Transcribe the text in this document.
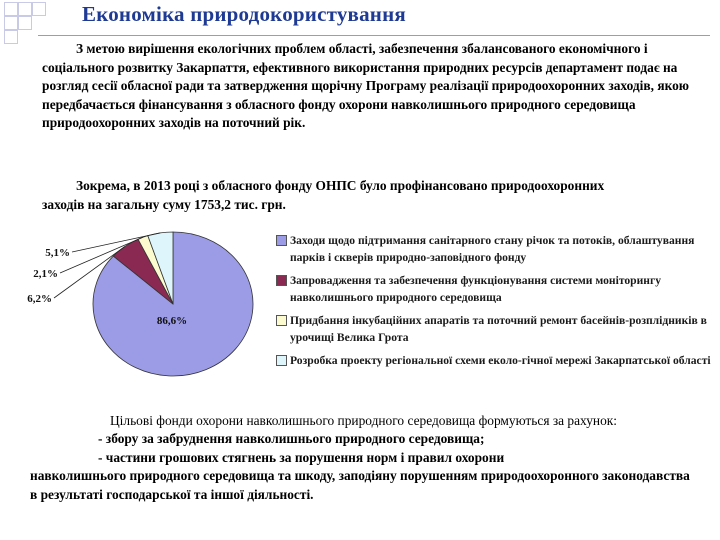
Економіка природокористування

З метою вирішення екологічних проблем області, забезпечення збалансованого економічного і соціального розвитку Закарпаття, ефективного використання природних ресурсів департамент подає на розгляд сесії обласної ради та затвердження щорічну Програму реалізації природоохоронних заходів, якою передбачається фінансування з обласного фонду охорони навколишнього природного середовища природоохоронних заходів на поточний рік.

Зокрема, в 2013 році з обласного фонду ОНПС було профінансовано природоохоронних заходів на загальну суму 1753,2 тис. грн.

86,6%
6,2%
2,1%
5,1%
Заходи щодо підтримання санітарного стану річок та потоків, облаштування парків і скверів природно-заповідного фонду
Запровадження та забезпечення функціонування системи моніторингу навколишнього природного середовища
Придбання інкубаційних апаратів та поточний ремонт басейнів-розплідників в урочищі Велика Грота
Розробка проекту регіональної схеми еколо-гічної мережі Закарпатської області

Цільові фонди охорони навколишнього природного середовища формуються за рахунок:

- збору за забруднення навколишнього природного середовища;

- частини грошових стягнень за порушення норм і правил охорони

навколишнього природного середовища та шкоду, заподіяну порушенням природоохоронного законодавства в результаті господарської та іншої діяльності.
